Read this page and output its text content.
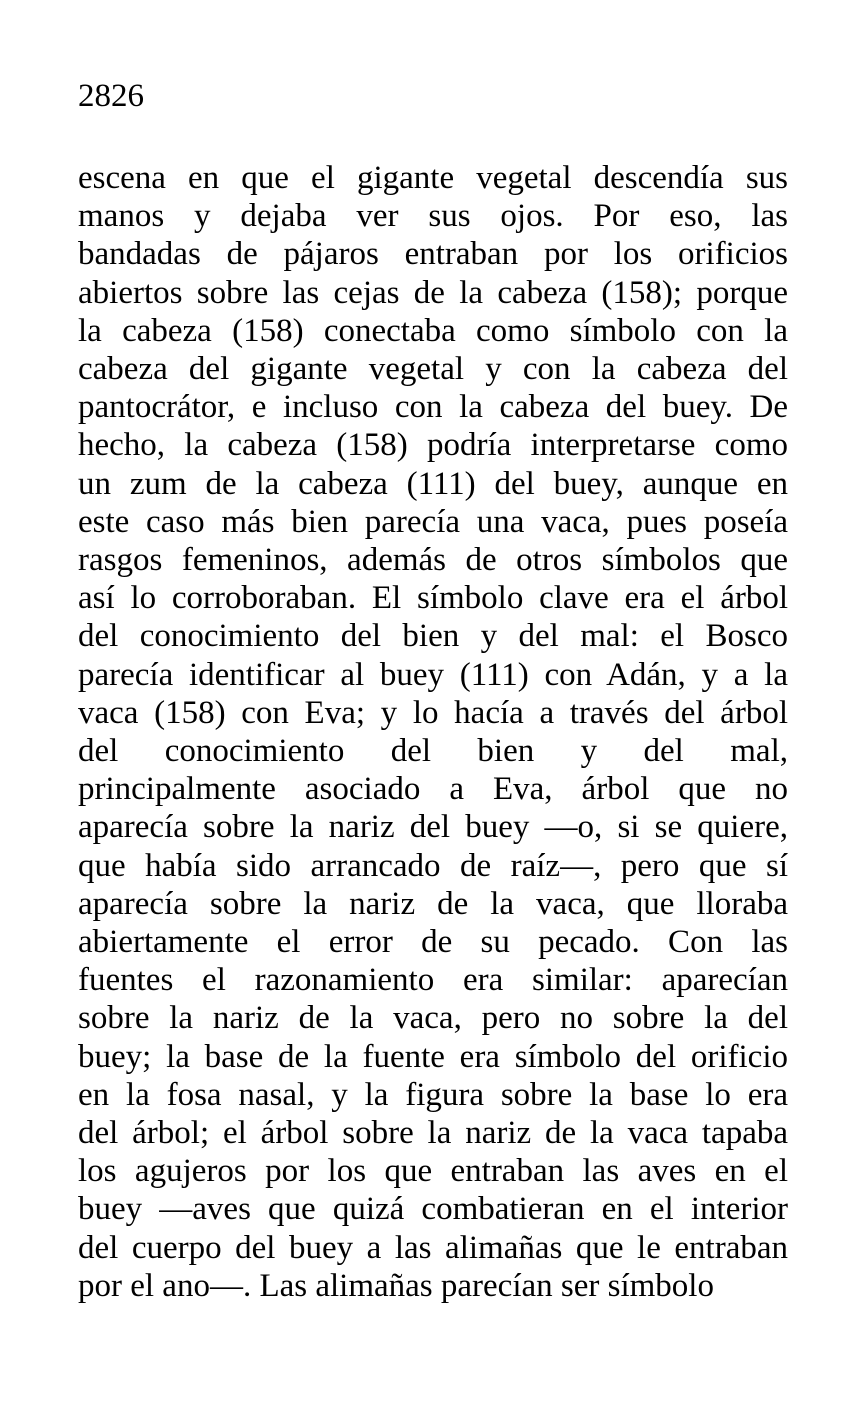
2826
escena en que el gigante vegetal descendía sus
manos y dejaba ver sus ojos. Por eso, las
bandadas de pájaros entraban por los orificios
abiertos sobre las cejas de la cabeza (158); porque
la cabeza (158) conectaba como símbolo con la
cabeza del gigante vegetal y con la cabeza del
pantocrátor, e incluso con la cabeza del buey. De
hecho, la cabeza (158) podría interpretarse como
un zum de la cabeza (111) del buey, aunque en
este caso más bien parecía una vaca, pues poseía
rasgos femeninos, además de otros símbolos que
así lo corroboraban. El símbolo clave era el árbol
del conocimiento del bien y del mal: el Bosco
parecía identificar al buey (111) con Adán, y a la
vaca (158) con Eva; y lo hacía a través del árbol
del conocimiento del bien y del mal,
principalmente asociado a Eva, árbol que no
aparecía sobre la nariz del buey —o, si se quiere,
que había sido arrancado de raíz—, pero que sí
aparecía sobre la nariz de la vaca, que lloraba
abiertamente el error de su pecado. Con las
fuentes el razonamiento era similar: aparecían
sobre la nariz de la vaca, pero no sobre la del
buey; la base de la fuente era símbolo del orificio
en la fosa nasal, y la figura sobre la base lo era
del árbol; el árbol sobre la nariz de la vaca tapaba
los agujeros por los que entraban las aves en el
buey —aves que quizá combatieran en el interior
del cuerpo del buey a las alimañas que le entraban
por el ano—. Las alimañas parecían ser símbolo
